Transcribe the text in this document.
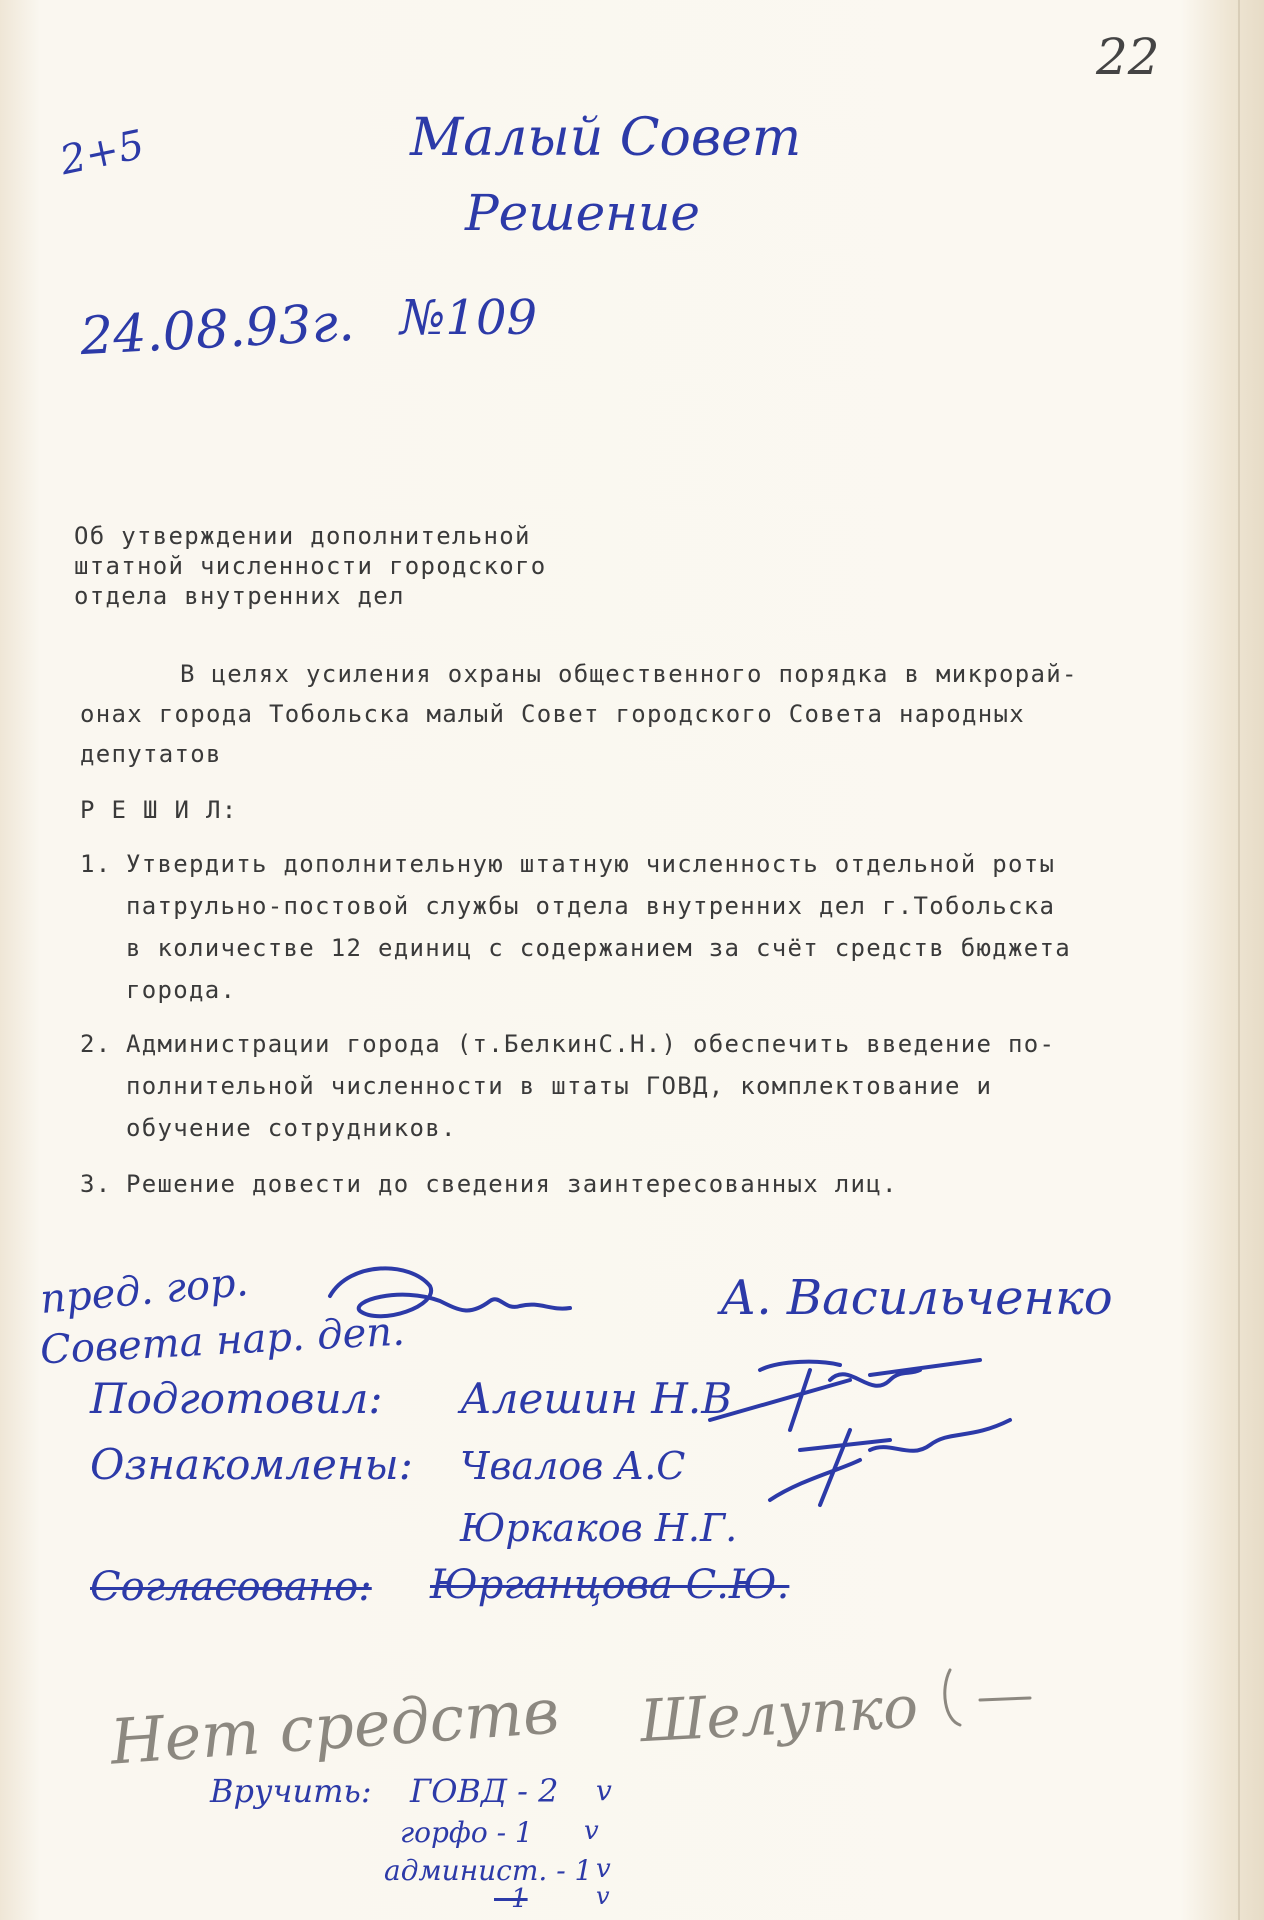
22
2+5	Малый Совет
Решение
24.08.93г. №109
Об утверждении дополнительной
штатной численности городского
отдела внутренних дел
В целях усиления охраны общественного порядка в микрорай-
онах города Тобольска малый Совет городского Совета народных
депутатов
Р Е Ш И Л:
1. Утвердить дополнительную штатную численность отдельной роты
патрульно-постовой службы отдела внутренних дел г.Тобольска
в количестве 12 единиц с содержанием за счёт средств бюджета
города.
2. Администрации города (т.БелкинС.Н.) обеспечить введение по-
полнительной численности в штаты ГОВД, комплектование и
обучение сотрудников.
3. Решение довести до сведения заинтересованных лиц.
пред. гор.
Совета нар. деп.
А. Васильченко
Подготовил: Алешин Н.В
Ознакомлены: Чвалов А.С
Юркаков Н.Г.
Согласовано: Юрганцова С.Ю.
Нет средств Шелупко
Вручить: ГОВД - 2 v
горфо - 1 v
админист. - 1 v
- 1	v
